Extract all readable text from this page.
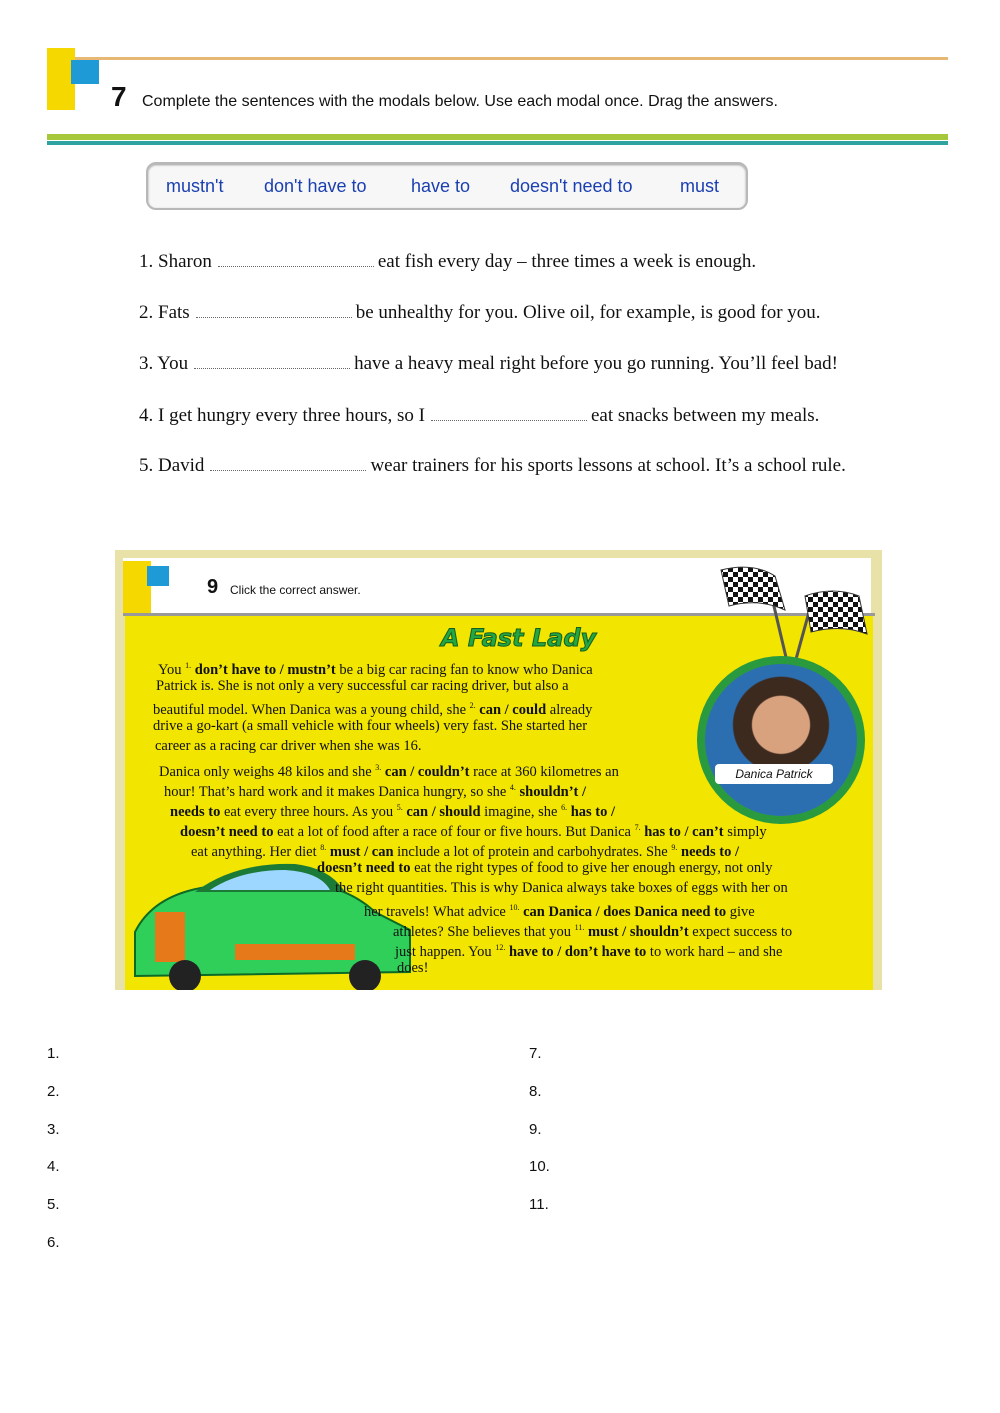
7 Complete the sentences with the modals below. Use each modal once. Drag the answers.
mustn't don't have to have to doesn't need to	must
1. Sharon	eat fish every day – three times a week is enough.
2. Fats	be unhealthy for you. Olive oil, for example, is good for you.
3. You	have a heavy meal right before you go running. You’ll feel bad!
4. I get hungry every three hours, so I	eat snacks between my meals.
5. David	wear trainers for his sports lessons at school. It’s a school rule.
9 Click the correct answer.
A Fast Lady
Danica Patrick
You $^{1.}$ don’t have to / mustn’t be a big car racing fan to know who Danica
Patrick is. She is not only a very successful car racing driver, but also a
beautiful model. When Danica was a young child, she $^{2.}$ can / could already
drive a go-kart (a small vehicle with four wheels) very fast. She started her
career as a racing car driver when she was 16.
Danica only weighs 48 kilos and she $^{3.}$ can / couldn’t race at 360 kilometres an
hour! That’s hard work and it makes Danica hungry, so she $^{4.}$ shouldn’t /
needs to eat every three hours. As you $^{5.}$ can / should imagine, she $^{6.}$ has to /
doesn’t need to eat a lot of food after a race of four or five hours. But Danica $^{7.}$ has to / can’t simply
eat anything. Her diet $^{8.}$ must / can include a lot of protein and carbohydrates. She $^{9.}$ needs to /
doesn’t need to eat the right types of food to give her enough energy, not only
the right quantities. This is why Danica always take boxes of eggs with her on
her travels! What advice $^{10.}$ can Danica / does Danica need to give
athletes? She believes that you $^{11.}$ must / shouldn’t expect success to
just happen. You $^{12.}$ have to / don’t have to to work hard – and she
does!
1.
2.
3.
4.
5.
6.
7.
8.
9.
10.
11.
